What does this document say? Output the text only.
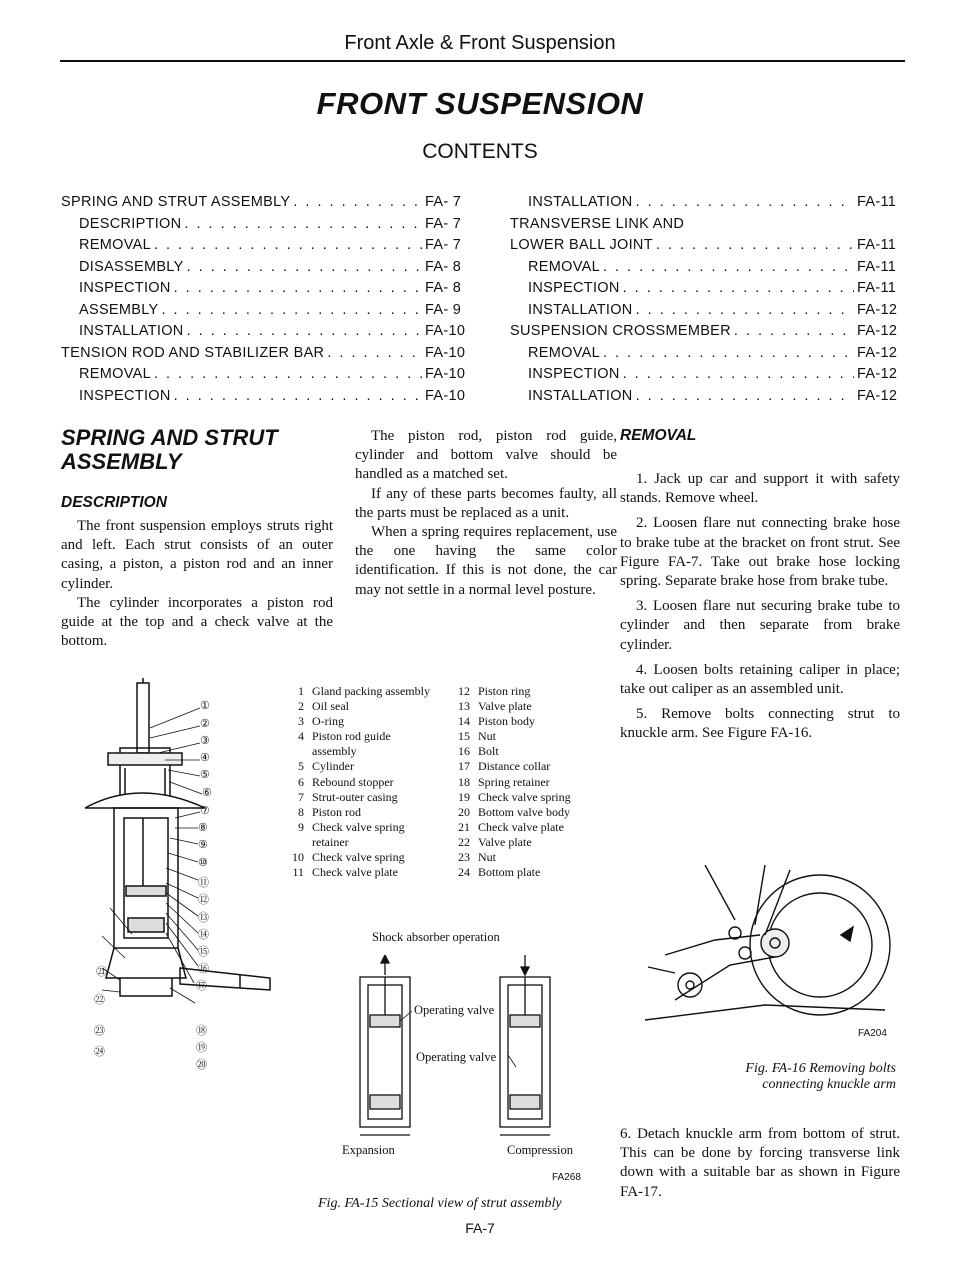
Front Axle & Front Suspension
FRONT SUSPENSION
CONTENTS
SPRING AND STRUT ASSEMBLY . . .	FA- 7
DESCRIPTION . . .	FA- 7
REMOVAL . . .	FA- 7
DISASSEMBLY . . .	FA- 8
INSPECTION . . .	FA- 8
ASSEMBLY . . .	FA- 9
INSTALLATION . . .	FA-10
TENSION ROD AND STABILIZER BAR . . .	FA-10
REMOVAL . . .	FA-10
INSPECTION . . .	FA-10
INSTALLATION . . .	FA-11
TRANSVERSE LINK AND
LOWER BALL JOINT . . .	FA-11
REMOVAL . . .	FA-11
INSPECTION . . .	FA-11
INSTALLATION . . .	FA-12
SUSPENSION CROSSMEMBER . . .	FA-12
REMOVAL . . .	FA-12
INSPECTION . . .	FA-12
INSTALLATION . . .	FA-12
SPRING AND STRUT
ASSEMBLY
DESCRIPTION

The front suspension employs struts right and left. Each strut consists of an outer casing, a piston, a piston rod and an inner cylinder.

The cylinder incorporates a piston rod guide at the top and a check valve at the bottom.

The piston rod, piston rod guide, cylinder and bottom valve should be handled as a matched set.

If any of these parts becomes faulty, all the parts must be replaced as a unit.

When a spring requires replacement, use the one having the same color identification. If this is not done, the car may not settle in a normal level posture.

①
②
③
④
⑤
⑥
⑦
⑧
⑨
⑩
⑪
⑫
⑬
⑭
⑮
⑯
⑰
⑱
⑲
⑳
㉑
㉒
㉓
㉔
1 Gland packing assembly
2 Oil seal
3 O-ring
4 Piston rod guide
assembly
5 Cylinder
6 Rebound stopper
7 Strut-outer casing
8 Piston rod
9 Check valve spring
retainer
10 Check valve spring
11 Check valve plate
12 Piston ring
13 Valve plate
14 Piston body
15 Nut
16 Bolt
17 Distance collar
18 Spring retainer
19 Check valve spring
20 Bottom valve body
21 Check valve plate
22 Valve plate
23 Nut
24 Bottom plate
Shock absorber operation
Operating valve
Operating valve
Expansion	Compression
FA268
Fig. FA-15 Sectional view of strut assembly
FA-7
REMOVAL

1. Jack up car and support it with safety stands. Remove wheel.

2. Loosen flare nut connecting brake hose to brake tube at the bracket on front strut. See Figure FA-7. Take out brake hose locking spring. Separate brake hose from brake tube.

3. Loosen flare nut securing brake tube to cylinder and then separate from brake cylinder.

4. Loosen bolts retaining caliper in place; take out caliper as an assembled unit.

5. Remove bolts connecting strut to knuckle arm. See Figure FA-16.

FA204
Fig. FA-16 Removing bolts
connecting knuckle arm
6. Detach knuckle arm from bottom of strut. This can be done by forcing transverse link down with a suitable bar as shown in Figure FA-17.
